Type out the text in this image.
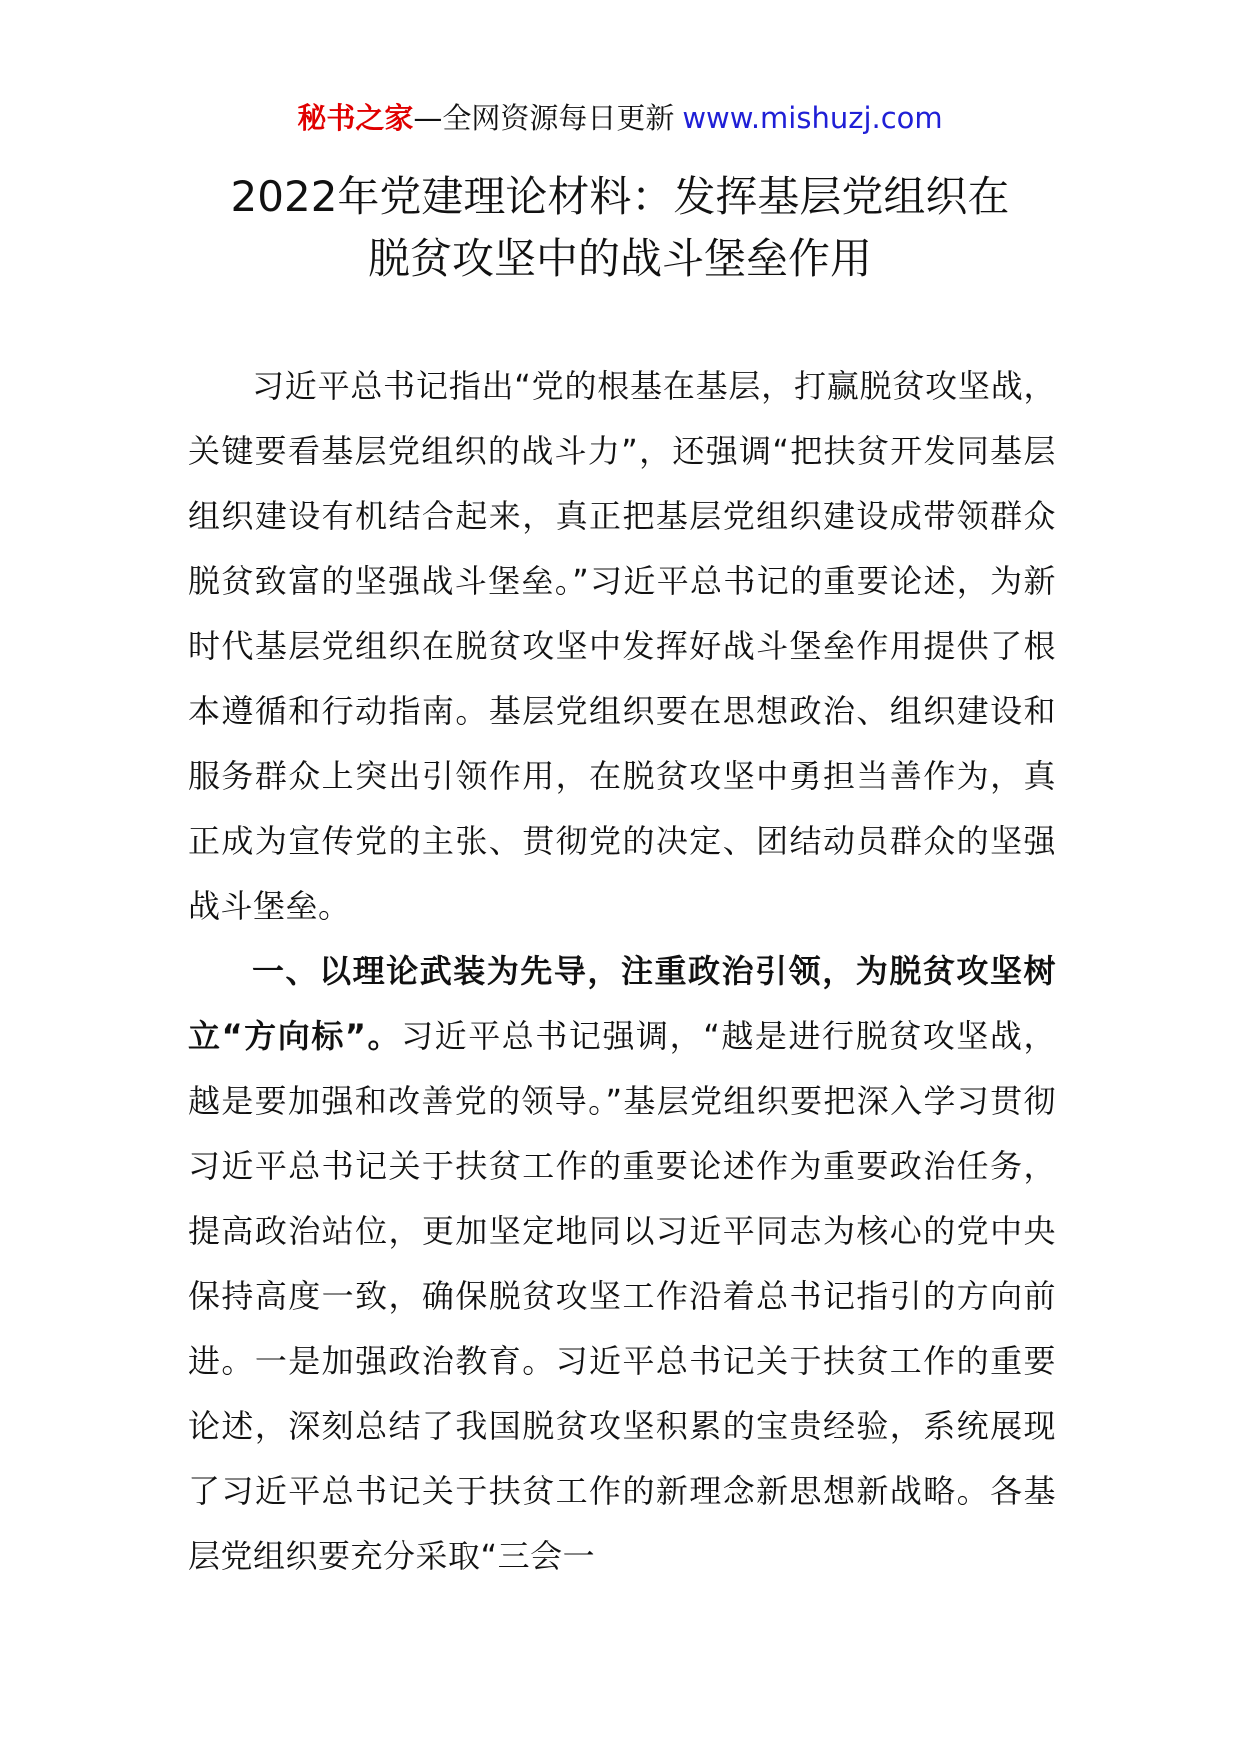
秘书之家—全网资源每日更新 www.mishuzj.com
2022年党建理论材料：发挥基层党组织在
脱贫攻坚中的战斗堡垒作用

习近平总书记指出“党的根基在基层，打赢脱贫攻坚战，关键要看基层党组织的战斗力”，还强调“把扶贫开发同基层组织建设有机结合起来，真正把基层党组织建设成带领群众脱贫致富的坚强战斗堡垒。”习近平总书记的重要论述，为新时代基层党组织在脱贫攻坚中发挥好战斗堡垒作用提供了根本遵循和行动指南。基层党组织要在思想政治、组织建设和服务群众上突出引领作用，在脱贫攻坚中勇担当善作为，真正成为宣传党的主张、贯彻党的决定、团结动员群众的坚强战斗堡垒。

一、以理论武装为先导，注重政治引领，为脱贫攻坚树立“方向标”。习近平总书记强调，“越是进行脱贫攻坚战，越是要加强和改善党的领导。”基层党组织要把深入学习贯彻习近平总书记关于扶贫工作的重要论述作为重要政治任务，提高政治站位，更加坚定地同以习近平同志为核心的党中央保持高度一致，确保脱贫攻坚工作沿着总书记指引的方向前进。一是加强政治教育。习近平总书记关于扶贫工作的重要论述，深刻总结了我国脱贫攻坚积累的宝贵经验，系统展现了习近平总书记关于扶贫工作的新理念新思想新战略。各基层党组织要充分采取“三会一
